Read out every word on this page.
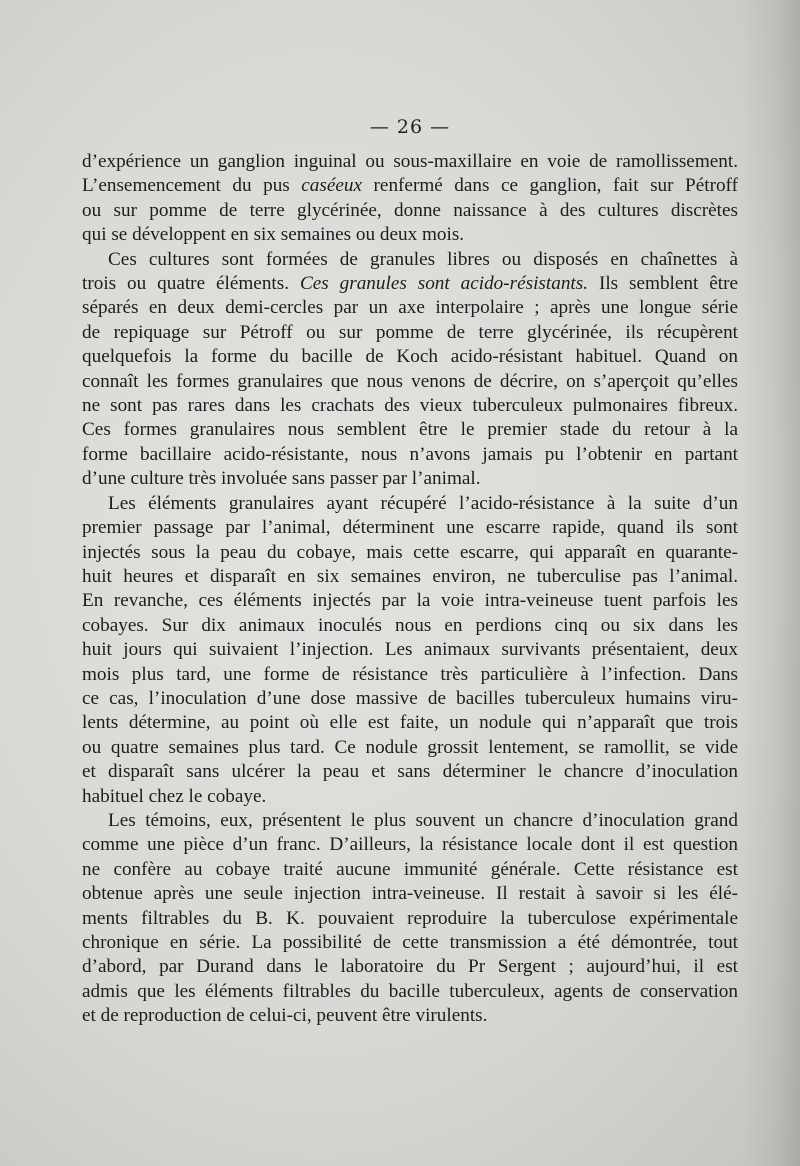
— 26 —

d’expérience un ganglion inguinal ou sous-maxillaire en voie de ramollissement.
L’ensemencement du pus caséeux renfermé dans ce ganglion, fait sur Pétroff
ou sur pomme de terre glycérinée, donne naissance à des cultures discrètes
qui se développent en six semaines ou deux mois.

Ces cultures sont formées de granules libres ou disposés en chaînettes à
trois ou quatre éléments. Ces granules sont acido-résistants. Ils semblent être
séparés en deux demi-cercles par un axe interpolaire ; après une longue série
de repiquage sur Pétroff ou sur pomme de terre glycérinée, ils récupèrent
quelquefois la forme du bacille de Koch acido-résistant habituel. Quand on
connaît les formes granulaires que nous venons de décrire, on s’aperçoit qu’elles
ne sont pas rares dans les crachats des vieux tuberculeux pulmonaires fibreux.
Ces formes granulaires nous semblent être le premier stade du retour à la
forme bacillaire acido-résistante, nous n’avons jamais pu l’obtenir en partant
d’une culture très involuée sans passer par l’animal.

Les éléments granulaires ayant récupéré l’acido-résistance à la suite d’un
premier passage par l’animal, déterminent une escarre rapide, quand ils sont
injectés sous la peau du cobaye, mais cette escarre, qui apparaît en quarante-
huit heures et disparaît en six semaines environ, ne tuberculise pas l’animal.
En revanche, ces éléments injectés par la voie intra-veineuse tuent parfois les
cobayes. Sur dix animaux inoculés nous en perdions cinq ou six dans les
huit jours qui suivaient l’injection. Les animaux survivants présentaient, deux
mois plus tard, une forme de résistance très particulière à l’infection. Dans
ce cas, l’inoculation d’une dose massive de bacilles tuberculeux humains viru-
lents détermine, au point où elle est faite, un nodule qui n’apparaît que trois
ou quatre semaines plus tard. Ce nodule grossit lentement, se ramollit, se vide
et disparaît sans ulcérer la peau et sans déterminer le chancre d’inoculation
habituel chez le cobaye.

Les témoins, eux, présentent le plus souvent un chancre d’inoculation grand
comme une pièce d’un franc. D’ailleurs, la résistance locale dont il est question
ne confère au cobaye traité aucune immunité générale. Cette résistance est
obtenue après une seule injection intra-veineuse. Il restait à savoir si les élé-
ments filtrables du B. K. pouvaient reproduire la tuberculose expérimentale
chronique en série. La possibilité de cette transmission a été démontrée, tout
d’abord, par Durand dans le laboratoire du Pr Sergent ; aujourd’hui, il est
admis que les éléments filtrables du bacille tuberculeux, agents de conservation
et de reproduction de celui-ci, peuvent être virulents.
